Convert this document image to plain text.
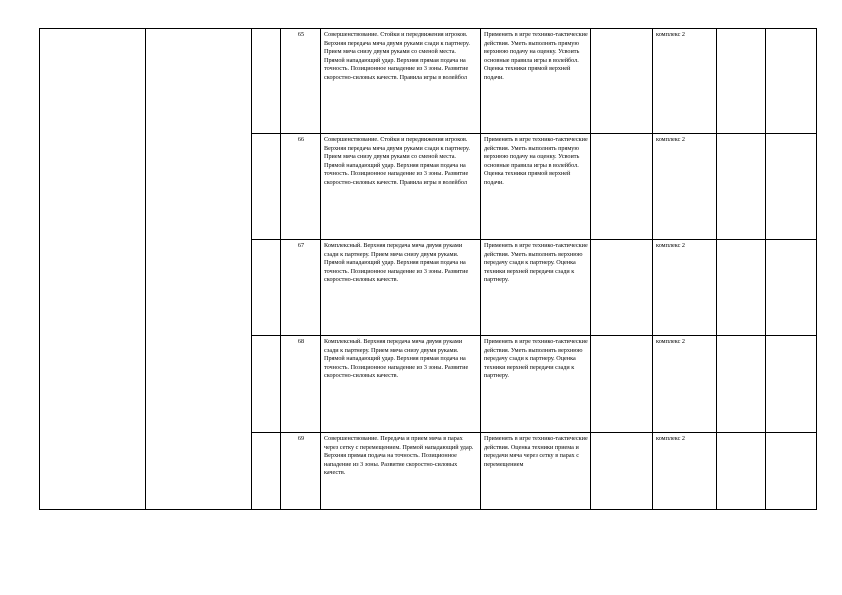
			65	Совершенствование. Стойки и передвижения игроков. Верхняя передача мяча двумя руками сзади к партнеру. Прием мяча снизу двумя руками со сменой места. Прямой нападающий удар. Верхняя прямая подача на точность. Позиционное нападение из 3 зоны. Развитие скоростно-силовых качеств. Правила игры в волейбол	Применять в игре технико-тактические действия. Уметь выполнять прямую верхнюю подачу на оценку. Усвоить основные правила игры в волейбол. Оценка техники прямой верхней подачи.		комплекс 2		
			66	Совершенствование. Стойки и передвижения игроков. Верхняя передача мяча двумя руками сзади к партнеру. Прием мяча снизу двумя руками со сменой места. Прямой нападающий удар. Верхняя прямая подача на точность. Позиционное нападение из 3 зоны. Развитие скоростно-силовых качеств. Правила игры в волейбол	Применять в игре технико-тактические действия. Уметь выполнять прямую верхнюю подачу на оценку. Усвоить основные правила игры в волейбол. Оценка техники прямой верхней подачи.		комплекс 2		
			67	Комплексный. Верхняя передача мяча двумя руками сзади к партнеру. Прием мяча снизу двумя руками. Прямой нападающий удар. Верхняя прямая подача на точность. Позиционное нападение из 3 зоны. Развитие скоростно-силовых качеств.	Применять в игре технико-тактические действия. Уметь выполнять верхнюю передачу сзади к партнеру. Оценка техники верхней передачи сзади к партнеру.		комплекс 2		
			68	Комплексный. Верхняя передача мяча двумя руками сзади к партнеру. Прием мяча снизу двумя руками. Прямой нападающий удар. Верхняя прямая подача на точность. Позиционное нападение из 3 зоны. Развитие скоростно-силовых качеств.	Применять в игре технико-тактические действия. Уметь выполнять верхнюю передачу сзади к партнеру. Оценка техники верхней передачи сзади к партнеру.		комплекс 2		
			69	Совершенствование. Передача и прием мяча в парах через сетку с перемещением. Прямой нападающий удар. Верхняя прямая подача на точность. Позиционное нападение из 3 зоны. Развитие скоростно-силовых качеств.	Применять в игре технико-тактические действия. Оценка техники приема и передачи мяча через сетку в парах с перемещением		комплекс 2		
